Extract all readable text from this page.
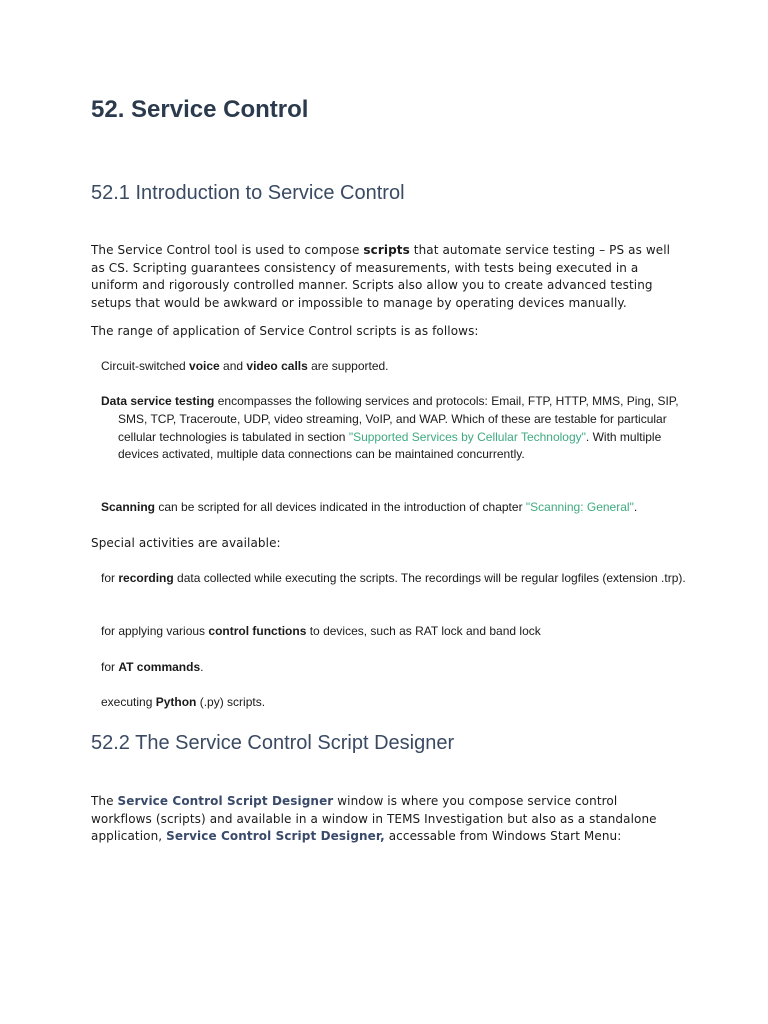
52. Service Control
52.1 Introduction to Service Control

The Service Control tool is used to compose scripts that automate service testing – PS as well as CS. Scripting guarantees consistency of measurements, with tests being executed in a uniform and rigorously controlled manner. Scripts also allow you to create advanced testing setups that would be awkward or impossible to manage by operating devices manually.

The range of application of Service Control scripts is as follows:

Circuit-switched voice and video calls are supported.

Data service testing encompasses the following services and protocols: Email, FTP, HTTP, MMS, Ping, SIP, SMS, TCP, Traceroute, UDP, video streaming, VoIP, and WAP. Which of these are testable for particular cellular technologies is tabulated in section "Supported Services by Cellular Technology". With multiple devices activated, multiple data connections can be maintained concurrently.

Scanning can be scripted for all devices indicated in the introduction of chapter "Scanning: General".

Special activities are available:

for recording data collected while executing the scripts. The recordings will be regular logfiles (extension .trp).

for applying various control functions to devices, such as RAT lock and band lock

for AT commands.

executing Python (.py) scripts.

52.2 The Service Control Script Designer

The Service Control Script Designer window is where you compose service control workflows (scripts) and available in a window in TEMS Investigation but also as a standalone application, Service Control Script Designer, accessable from Windows Start Menu:
